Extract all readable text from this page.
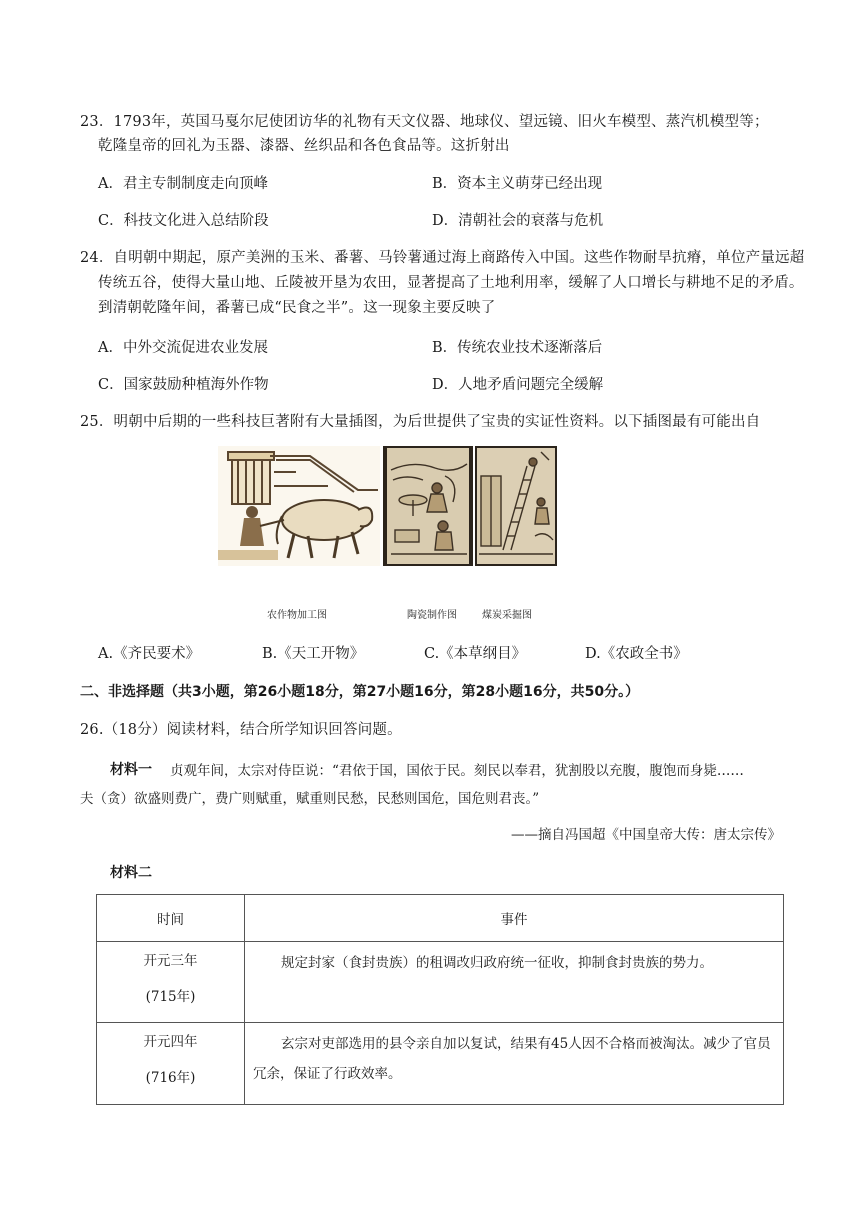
23．1793年，英国马戛尔尼使团访华的礼物有天文仪器、地球仪、望远镜、旧火车模型、蒸汽机模型等；
乾隆皇帝的回礼为玉器、漆器、丝织品和各色食品等。这折射出
A．君主专制制度走向顶峰	B．资本主义萌芽已经出现
C．科技文化进入总结阶段	D．清朝社会的衰落与危机
24．自明朝中期起，原产美洲的玉米、番薯、马铃薯通过海上商路传入中国。这些作物耐旱抗瘠，单位产量远超
传统五谷，使得大量山地、丘陵被开垦为农田，显著提高了土地利用率，缓解了人口增长与耕地不足的矛盾。
到清朝乾隆年间，番薯已成“民食之半”。这一现象主要反映了
A．中外交流促进农业发展	B．传统农业技术逐渐落后
C．国家鼓励种植海外作物	D．人地矛盾问题完全缓解
25．明朝中后期的一些科技巨著附有大量插图，为后世提供了宝贵的实证性资料。以下插图最有可能出自
农作物加工图	陶瓷制作图	煤炭采掘图
A.《齐民要术》	B.《天工开物》	C.《本草纲目》	D.《农政全书》
二、非选择题（共3小题，第26小题18分，第27小题16分，第28小题16分，共50分。）
26.（18分）阅读材料，结合所学知识回答问题。
材料一 贞观年间，太宗对侍臣说：“君依于国，国依于民。刻民以奉君，犹割股以充腹，腹饱而身毙……
夫（贪）欲盛则费广，费广则赋重，赋重则民愁，民愁则国危，国危则君丧。”
——摘自冯国超《中国皇帝大传：唐太宗传》
材料二
时间	事件

开元三年
(715年)	规定封家（食封贵族）的租调改归政府统一征收，抑制食封贵族的势力。

开元四年
(716年)	玄宗对吏部选用的县令亲自加以复试，结果有45人因不合格而被淘汰。减少了官员冗余，保证了行政效率。
